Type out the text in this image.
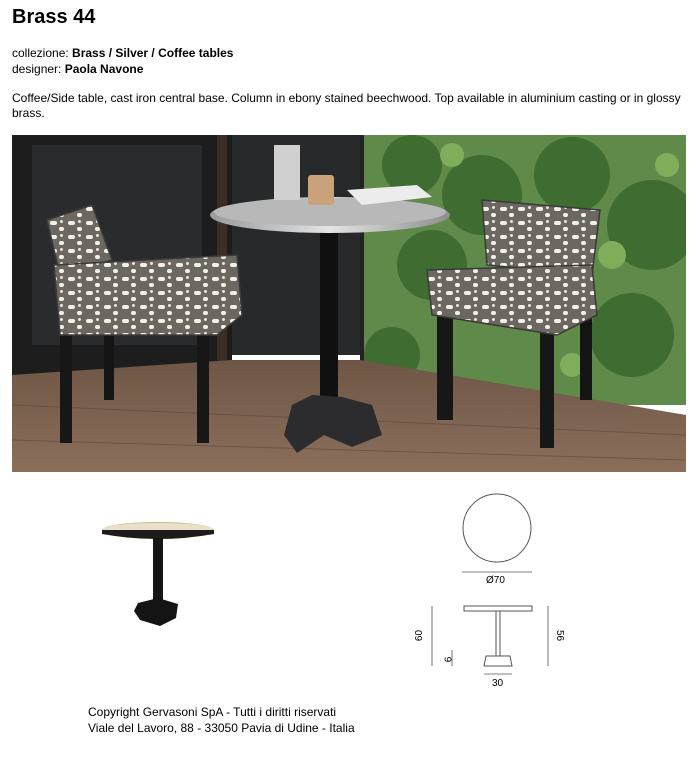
Brass 44
collezione: Brass / Silver / Coffee tables
designer: Paola Navone
Coffee/Side table, cast iron central base. Column in ebony stained beechwood. Top available in aluminium casting or in glossy brass.
Ø70
60
6
56
30
Copyright Gervasoni SpA - Tutti i diritti riservati
Viale del Lavoro, 88 - 33050 Pavia di Udine - Italia
